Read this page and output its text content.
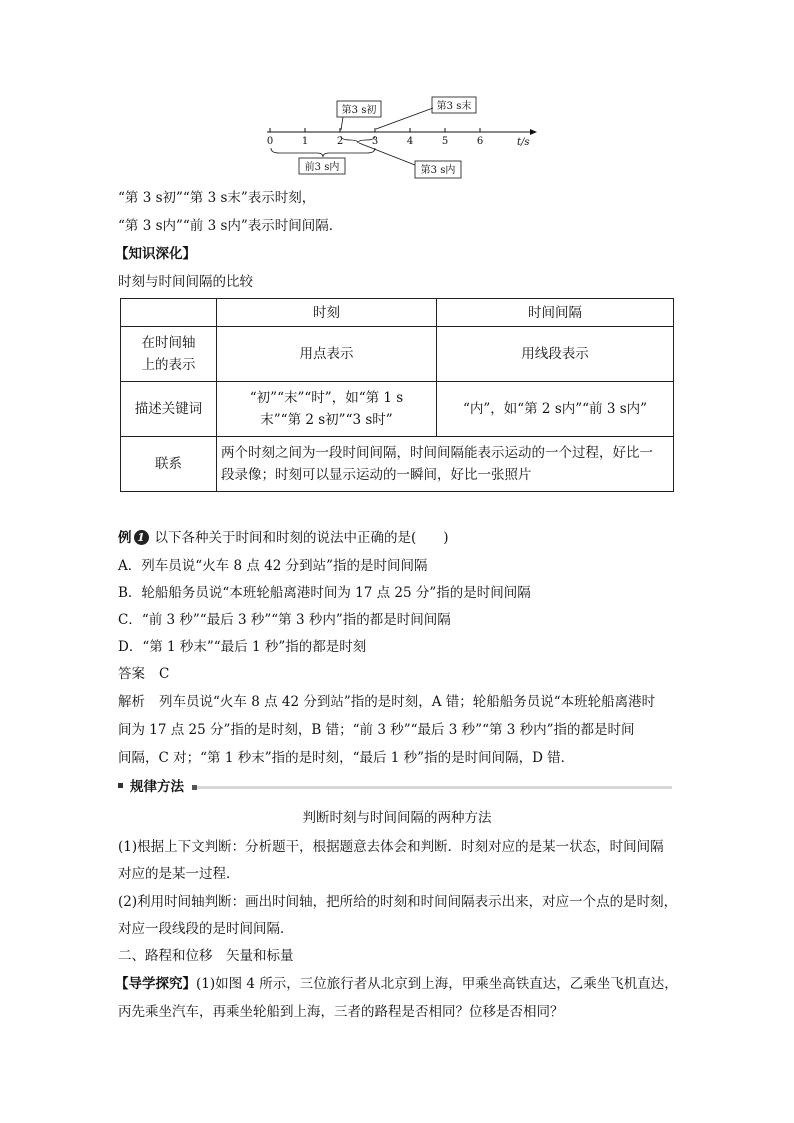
0	1	2	3	4	5	6	t/s
第3 s初	第3 s末
前3 s内	第3 s内
“第 3 s初”“第 3 s末”表示时刻，
“第 3 s内”“前 3 s内”表示时间间隔．
【知识深化】
时刻与时间间隔的比较
	时刻	时间间隔

在时间轴
上的表示	用点表示	用线段表示
描述关键词	“初”“末”“时”，如“第 1 s
末”“第 2 s初”“3 s时”	“内”，如“第 2 s内”“前 3 s内”
联系	两个时刻之间为一段时间间隔，时间间隔能表示运动的一个过程，好比一
段录像；时刻可以显示运动的一瞬间，好比一张照片	
例 1 以下各种关于时间和时刻的说法中正确的是(　　)
A．列车员说“火车 8 点 42 分到站”指的是时间间隔
B．轮船船务员说“本班轮船离港时间为 17 点 25 分”指的是时间间隔
C．“前 3 秒”“最后 3 秒”“第 3 秒内”指的都是时间间隔
D．“第 1 秒末”“最后 1 秒”指的都是时刻
答案 C
解析 列车员说“火车 8 点 42 分到站”指的是时刻，A 错；轮船船务员说“本班轮船离港时
间为 17 点 25 分”指的是时刻，B 错；“前 3 秒”“最后 3 秒”“第 3 秒内”指的都是时间
间隔，C 对；“第 1 秒末”指的是时刻，“最后 1 秒”指的是时间间隔，D 错．
规律方法
判断时刻与时间间隔的两种方法
(1)根据上下文判断：分析题干，根据题意去体会和判断．时刻对应的是某一状态，时间间隔
对应的是某一过程．
(2)利用时间轴判断：画出时间轴，把所给的时刻和时间间隔表示出来，对应一个点的是时刻，
对应一段线段的是时间间隔．
二、路程和位移　矢量和标量
【导学探究】(1)如图 4 所示，三位旅行者从北京到上海，甲乘坐高铁直达，乙乘坐飞机直达，
丙先乘坐汽车，再乘坐轮船到上海，三者的路程是否相同？位移是否相同？
